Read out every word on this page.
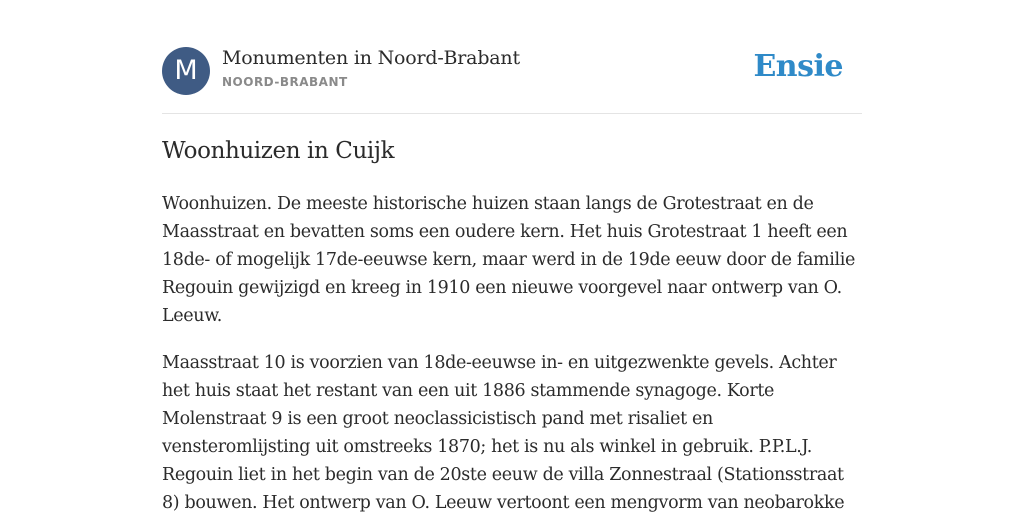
M	Monumenten in Noord-Brabant
NOORD-BRABANT	Ensie
Woonhuizen in Cuijk

Woonhuizen. De meeste historische huizen staan langs de Grotestraat en de Maasstraat en bevatten soms een oudere kern. Het huis Grotestraat 1 heeft een 18de- of mogelijk 17de-eeuwse kern, maar werd in de 19de eeuw door de familie Regouin gewijzigd en kreeg in 1910 een nieuwe voorgevel naar ontwerp van O. Leeuw.

Maasstraat 10 is voorzien van 18de-eeuwse in- en uitgezwenkte gevels. Achter het huis staat het restant van een uit 1886 stammende synagoge. Korte Molenstraat 9 is een groot neoclassicistisch pand met risaliet en vensteromlijsting uit omstreeks 1870; het is nu als winkel in gebruik. P.P.L.J. Regouin liet in het begin van de 20ste eeuw de villa Zonnestraal (Stationsstraat 8) bouwen. Het ontwerp van O. Leeuw vertoont een mengvorm van neobarokke
